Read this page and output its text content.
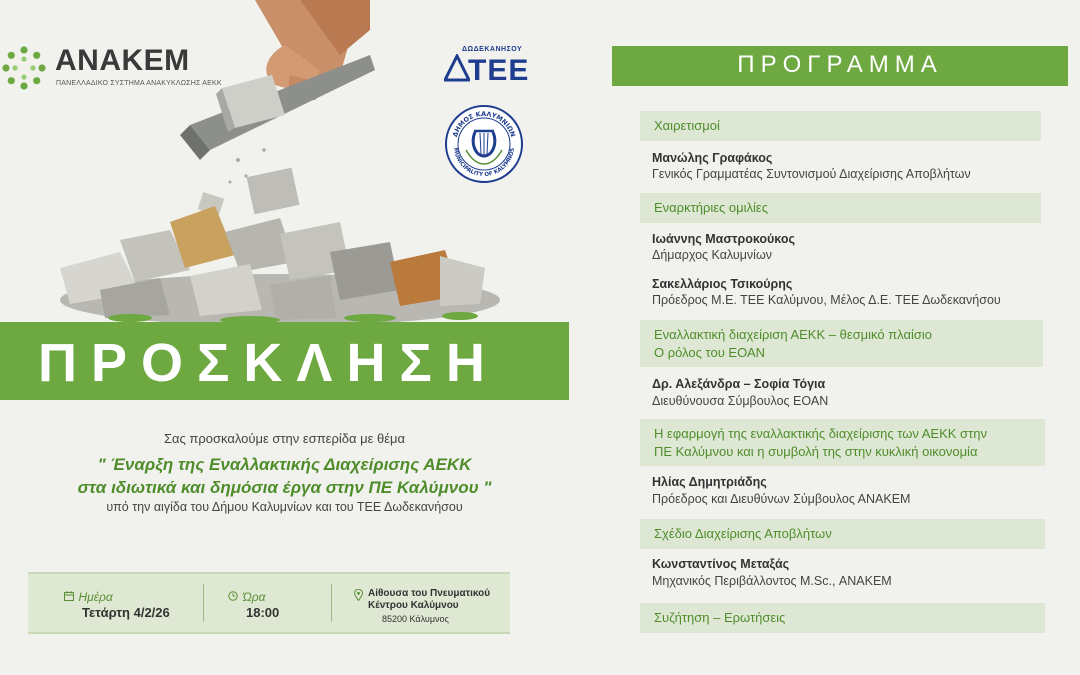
ΑΝΑΚΕΜ
ΠΑΝΕΛΛΑΔΙΚΟ ΣΥΣΤΗΜΑ ΑΝΑΚΥΚΛΩΣΗΣ ΑΕΚΚ
ΔΩΔΕΚΑΝΗΣΟΥ
ΤΕΕ
ΔΗΜΟΣ ΚΑΛΥΜΝΙΩΝ
MUNICIPALITY OF KALYMNOS
ΠΡΟΣΚΛΗΣΗ
Σας προσκαλούμε στην εσπερίδα με θέμα
" Έναρξη της Εναλλακτικής Διαχείρισης ΑΕΚΚ
στα ιδιωτικά και δημόσια έργα στην ΠΕ Καλύμνου "
υπό την αιγίδα του Δήμου Καλυμνίων και του ΤΕΕ Δωδεκανήσου
Ημέρα
Τετάρτη 4/2/26
Ώρα
18:00
Αίθουσα του Πνευματικού
Κέντρου Καλύμνου
85200 Κάλυμνος
ΠΡΟΓΡΑΜΜΑ
Χαιρετισμοί
Μανώλης Γραφάκος
Γενικός Γραμματέας Συντονισμού Διαχείρισης Αποβλήτων
Εναρκτήριες ομιλίες
Ιωάννης Μαστροκούκος
Δήμαρχος Καλυμνίων
Σακελλάριος Τσικούρης
Πρόεδρος Μ.Ε. ΤΕΕ Καλύμνου, Μέλος Δ.Ε. ΤΕΕ Δωδεκανήσου
Εναλλακτική διαχείριση ΑΕΚΚ – θεσμικό πλαίσιο
Ο ρόλος του ΕΟΑΝ
Δρ. Αλεξάνδρα – Σοφία Τόγια
Διευθύνουσα Σύμβουλος ΕΟΑΝ
Η εφαρμογή της εναλλακτικής διαχείρισης των ΑΕΚΚ στην
ΠΕ Καλύμνου και η συμβολή της στην κυκλική οικονομία
Ηλίας Δημητριάδης
Πρόεδρος και Διευθύνων Σύμβουλος ΑΝΑΚΕΜ
Σχέδιο Διαχείρισης Αποβλήτων
Κωνσταντίνος Μεταξάς
Μηχανικός Περιβάλλοντος M.Sc., ΑΝΑΚΕΜ
Συζήτηση – Ερωτήσεις
